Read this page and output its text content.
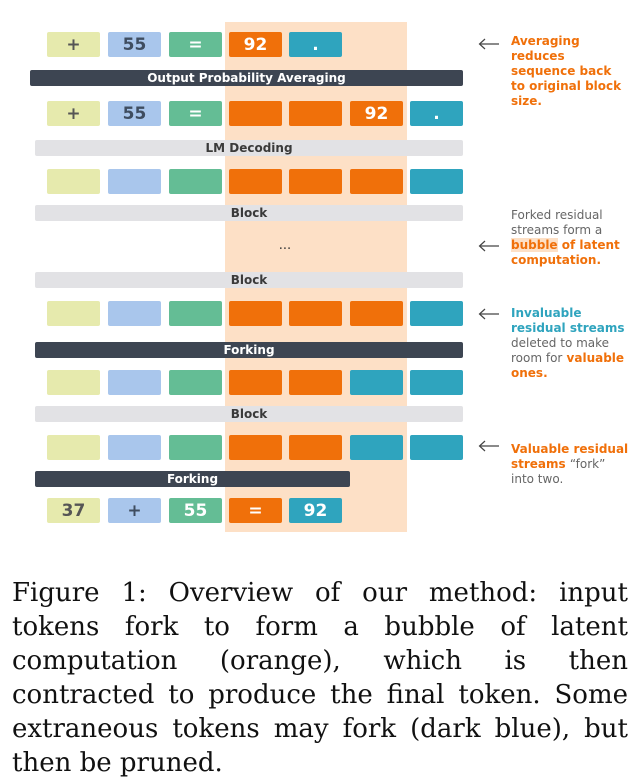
+	55	=	92	.
Output Probability Averaging
+	55	=	92	.
LM Decoding
Block
...
Block
Forking
Block
Forking
37	+	55	=	92
Averaging reduces sequence back to original block size.
Forked residual streams form a bubble of latent computation.
Invaluable residual streams deleted to make room for valuable ones.
Valuable residual streams “fork” into two.
Figure 1: Overview of our method: input tokens fork to form a bubble of latent computation (orange), which is then contracted to produce the final token. Some extraneous tokens may fork (dark blue), but then be pruned.
